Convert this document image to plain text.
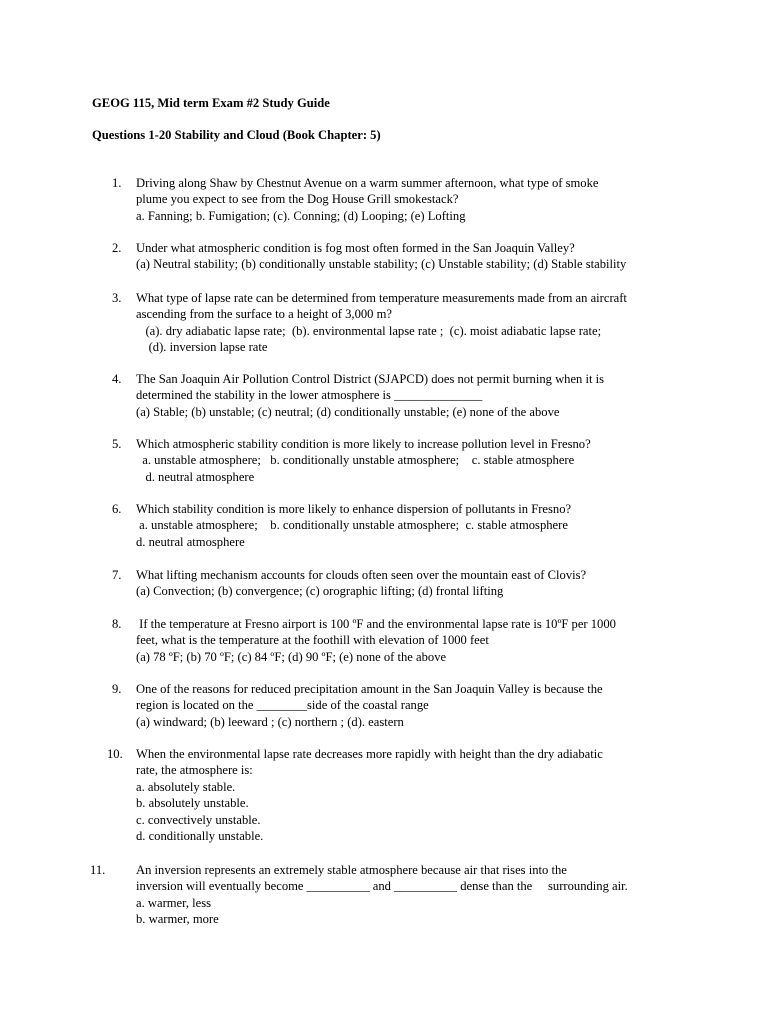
GEOG 115, Mid term Exam #2 Study Guide
Questions 1-20 Stability and Cloud (Book Chapter: 5)
1.	Driving along Shaw by Chestnut Avenue on a warm summer afternoon, what type of smoke
plume you expect to see from the Dog House Grill smokestack?
a. Fanning; b. Fumigation; (c). Conning; (d) Looping; (e) Lofting
2.	Under what atmospheric condition is fog most often formed in the San Joaquin Valley?
(a) Neutral stability; (b) conditionally unstable stability; (c) Unstable stability; (d) Stable stability
3.	What type of lapse rate can be determined from temperature measurements made from an aircraft
ascending from the surface to a height of 3,000 m?
(a). dry adiabatic lapse rate;  (b). environmental lapse rate ;  (c). moist adiabatic lapse rate;
(d). inversion lapse rate
4.	The San Joaquin Air Pollution Control District (SJAPCD) does not permit burning when it is
determined the stability in the lower atmosphere is ______________
(a) Stable; (b) unstable; (c) neutral; (d) conditionally unstable; (e) none of the above
5.	Which atmospheric stability condition is more likely to increase pollution level in Fresno?
a. unstable atmosphere;   b. conditionally unstable atmosphere;    c. stable atmosphere
d. neutral atmosphere
6.	Which stability condition is more likely to enhance dispersion of pollutants in Fresno?
a. unstable atmosphere;    b. conditionally unstable atmosphere;  c. stable atmosphere
d. neutral atmosphere
7.	What lifting mechanism accounts for clouds often seen over the mountain east of Clovis?
(a) Convection; (b) convergence; (c) orographic lifting; (d) frontal lifting
8.	If the temperature at Fresno airport is 100 ºF and the environmental lapse rate is 10ºF per 1000
feet, what is the temperature at the foothill with elevation of 1000 feet
(a) 78 ºF; (b) 70 ºF; (c) 84 ºF; (d) 90 ºF; (e) none of the above
9.	One of the reasons for reduced precipitation amount in the San Joaquin Valley is because the
region is located on the ________side of the coastal range
(a) windward; (b) leeward ; (c) northern ; (d). eastern
10.	When the environmental lapse rate decreases more rapidly with height than the dry adiabatic
rate, the atmosphere is:
a. absolutely stable.
b. absolutely unstable.
c. convectively unstable.
d. conditionally unstable.
11.	An inversion represents an extremely stable atmosphere because air that rises into the
inversion will eventually become __________ and __________ dense than the     surrounding air.
a. warmer, less
b. warmer, more
